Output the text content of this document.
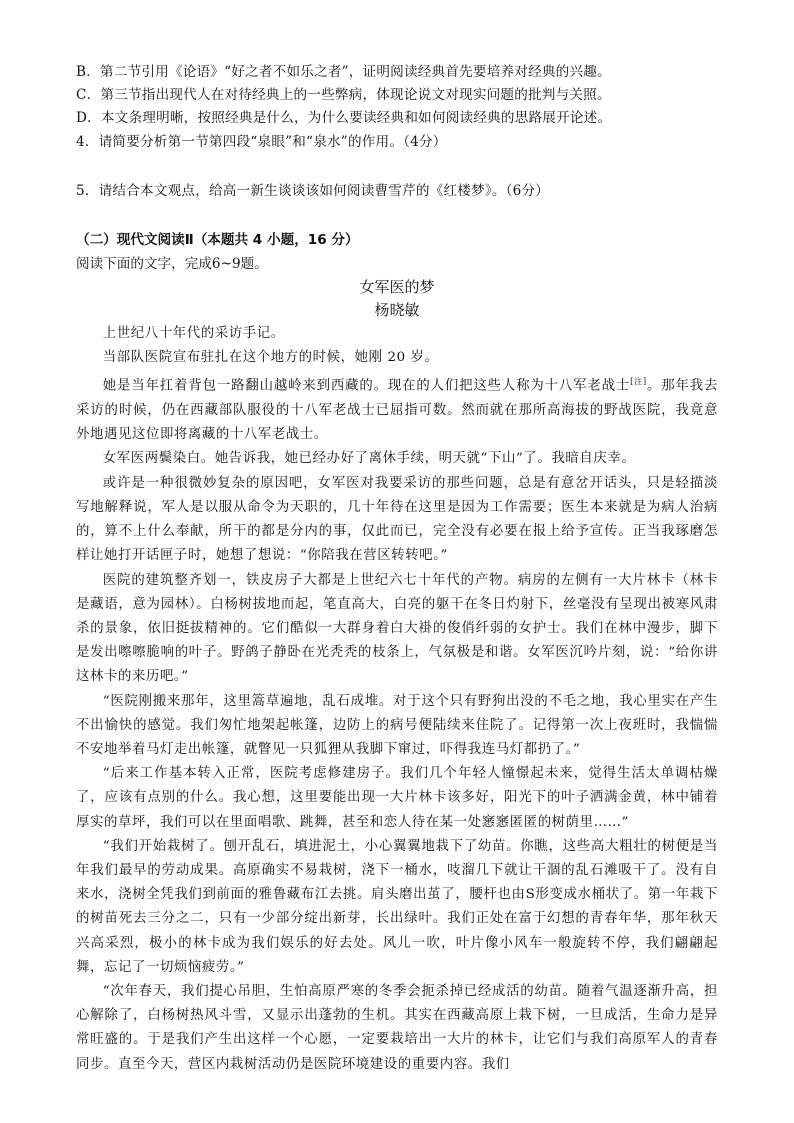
B．第二节引用《论语》“好之者不如乐之者”，证明阅读经典首先要培养对经典的兴趣。
C．第三节指出现代人在对待经典上的一些弊病，体现论说文对现实问题的批判与关照。
D．本文条理明晰，按照经典是什么，为什么要读经典和如何阅读经典的思路展开论述。
4．请简要分析第一节第四段“泉眼”和“泉水”的作用。（4分）
5．请结合本文观点，给高一新生谈谈该如何阅读曹雪芹的《红楼梦》。（6分）
（二）现代文阅读Ⅱ（本题共 4 小题，16 分）
阅读下面的文字，完成6~9题。
女军医的梦
杨晓敏

上世纪八十年代的采访手记。

当部队医院宣布驻扎在这个地方的时候，她刚 20 岁。

她是当年扛着背包一路翻山越岭来到西藏的。现在的人们把这些人称为十八军老战士[注]。那年我去采访的时候，仍在西藏部队服役的十八军老战士已屈指可数。然而就在那所高海拔的野战医院，我竟意外地遇见这位即将离藏的十八军老战士。

女军医两鬓染白。她告诉我，她已经办好了离休手续，明天就“下山”了。我暗自庆幸。

或许是一种很微妙复杂的原因吧，女军医对我要采访的那些问题，总是有意岔开话头，只是轻描淡写地解释说，军人是以服从命令为天职的，几十年待在这里是因为工作需要；医生本来就是为病人治病的，算不上什么奉献，所干的都是分内的事，仅此而已，完全没有必要在报上给予宣传。正当我琢磨怎样让她打开话匣子时，她想了想说：“你陪我在营区转转吧。”

医院的建筑整齐划一，铁皮房子大都是上世纪六七十年代的产物。病房的左侧有一大片林卡（林卡是藏语，意为园林）。白杨树拔地而起，笔直高大，白亮的躯干在冬日灼射下，丝毫没有呈现出被寒风肃杀的景象，依旧挺拔精神的。它们酷似一大群身着白大褂的俊俏纤弱的女护士。我们在林中漫步，脚下是发出嚓嚓脆响的叶子。野鸽子静卧在光秃秃的枝条上，气氛极是和谐。女军医沉吟片刻，说：“给你讲这林卡的来历吧。”

“医院刚搬来那年，这里篙草遍地，乱石成堆。对于这个只有野狗出没的不毛之地，我心里实在产生不出愉快的感觉。我们匆忙地架起帐篷，边防上的病号便陆续来住院了。记得第一次上夜班时，我惴惴不安地举着马灯走出帐篷，就瞥见一只狐狸从我脚下窜过，吓得我连马灯都扔了。”

“后来工作基本转入正常，医院考虑修建房子。我们几个年轻人憧憬起未来，觉得生活太单调枯燥了，应该有点别的什么。我心想，这里要能出现一大片林卡该多好，阳光下的叶子洒满金黄，林中铺着厚实的草坪，我们可以在里面唱歌、跳舞，甚至和恋人待在某一处窸窸匿匿的树荫里……”

“我们开始栽树了。刨开乱石，填进泥土，小心翼翼地栽下了幼苗。你瞧，这些高大粗壮的树便是当年我们最早的劳动成果。高原确实不易栽树，浇下一桶水，吱溜几下就让干涸的乱石滩吸干了。没有自来水，浇树全凭我们到前面的雅鲁藏布江去挑。肩头磨出茧了，腰杆也由S形变成水桶状了。第一年栽下的树苗死去三分之二，只有一少部分绽出新芽，长出绿叶。我们正处在富于幻想的青春年华，那年秋天兴高采烈，极小的林卡成为我们娱乐的好去处。风儿一吹，叶片像小风车一般旋转不停，我们翩翩起舞，忘记了一切烦恼疲劳。”

“次年春天，我们提心吊胆，生怕高原严寒的冬季会扼杀掉已经成活的幼苗。随着气温逐渐升高，担心解除了，白杨树热风斗雪，又显示出蓬勃的生机。其实在西藏高原上栽下树，一旦成活，生命力是异常旺盛的。于是我们产生出这样一个心愿，一定要栽培出一大片的林卡，让它们与我们高原军人的青春同步。直至今天，营区内栽树活动仍是医院环境建设的重要内容。我们
